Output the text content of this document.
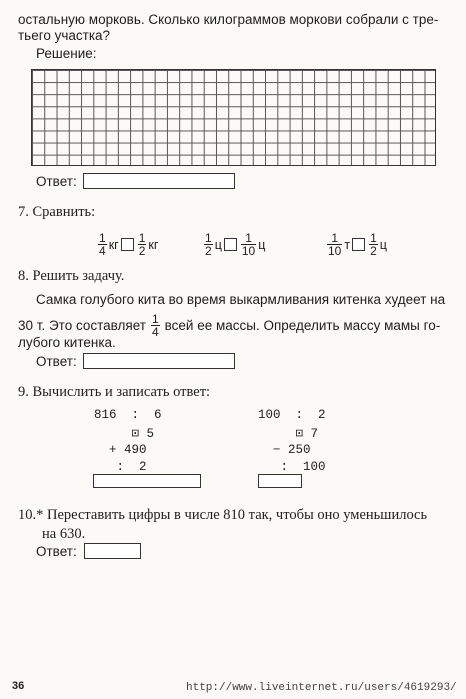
остальную морковь. Сколько килограммов моркови собрали с тре-
тьего участка?
Решение:
Ответ:
7. Сравнить:
$\frac{1}{4}$ кг $\frac{1}{2}$ кг	$\frac{1}{2}$ ц $\frac{1}{10}$ ц	$\frac{1}{10}$ т $\frac{1}{2}$ ц
8. Решить задачу.
Самка голубого кита во время выкармливания китенка худеет на
30 т. Это составляет $\frac{1}{4}$ всей ее массы. Определить массу мамы го-
лубого китенка.
Ответ:
9. Вычислить и записать ответ:
816  :  6
⊡ 5
+ 490
:  2
100  :  2
⊡ 7
− 250
:  100
10.* Переставить цифры в числе 810 так, чтобы оно уменьшилось
на 630.
Ответ:
36	http://www.liveinternet.ru/users/4619293/
